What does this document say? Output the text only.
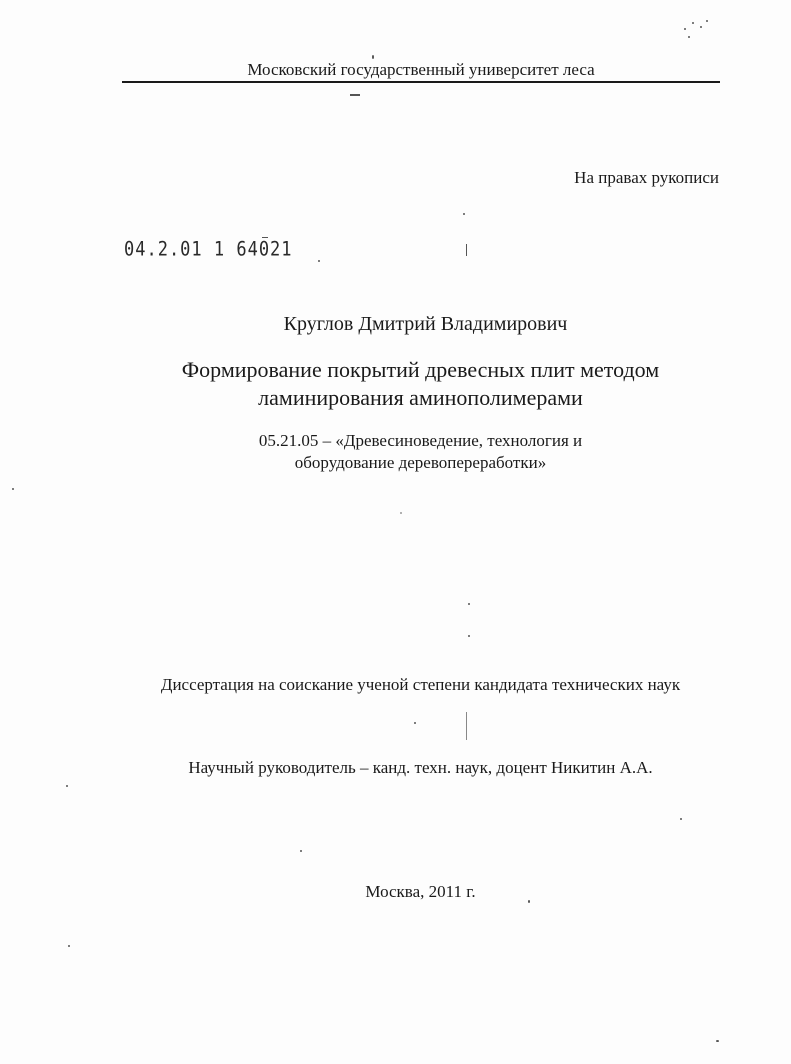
Московский государственный университет леса
На правах рукописи
04.2.01 1 64021
Круглов Дмитрий Владимирович
Формирование покрытий древесных плит методом
ламинирования аминополимерами
05.21.05 – «Древесиноведение, технология и
оборудование деревопереработки»
Диссертация на соискание ученой степени кандидата технических наук
Научный руководитель – канд. техн. наук, доцент Никитин А.А.
Москва, 2011 г.
